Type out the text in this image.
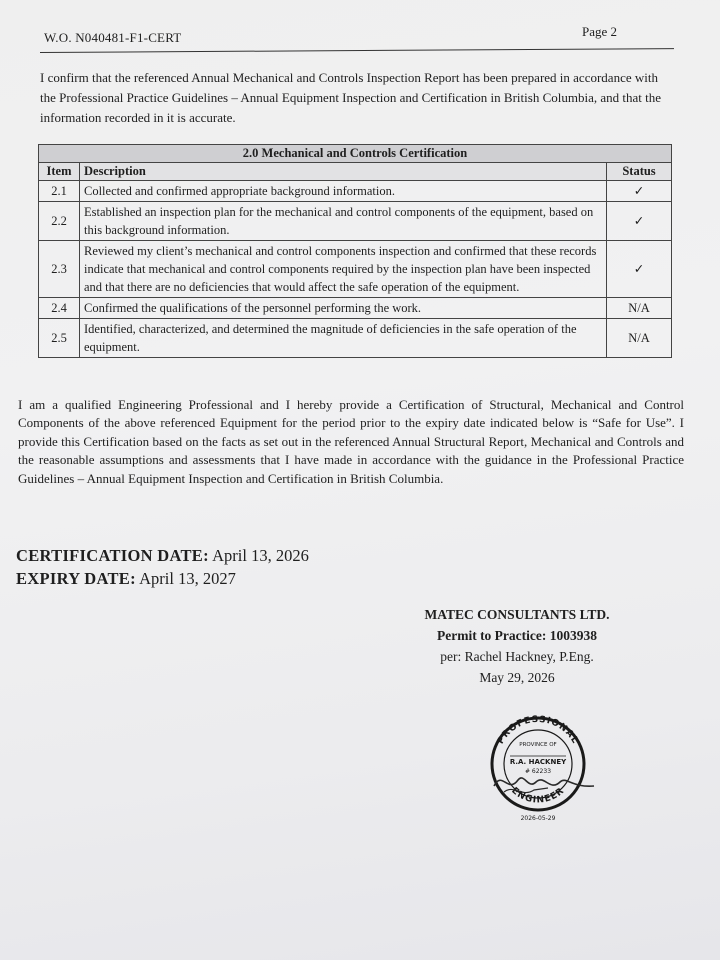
W.O. N040481-F1-CERT	Page 2
I confirm that the referenced Annual Mechanical and Controls Inspection Report has been prepared in accordance with the Professional Practice Guidelines – Annual Equipment Inspection and Certification in British Columbia, and that the information recorded in it is accurate.
2.0 Mechanical and Controls Certification		
Item	Description	Status
2.1	Collected and confirmed appropriate background information.	✓
2.2	Established an inspection plan for the mechanical and control components of the equipment, based on this background information.	✓
2.3	Reviewed my client’s mechanical and control components inspection and confirmed that these records indicate that mechanical and control components required by the inspection plan have been inspected and that there are no deficiencies that would affect the safe operation of the equipment.	✓
2.4	Confirmed the qualifications of the personnel performing the work.	N/A
2.5	Identified, characterized, and determined the magnitude of deficiencies in the safe operation of the equipment.	N/A
I am a qualified Engineering Professional and I hereby provide a Certification of Structural, Mechanical and Control Components of the above referenced Equipment for the period prior to the expiry date indicated below is “Safe for Use”. I provide this Certification based on the facts as set out in the referenced Annual Structural Report, Mechanical and Controls and the reasonable assumptions and assessments that I have made in accordance with the guidance in the Professional Practice Guidelines – Annual Equipment Inspection and Certification in British Columbia.
CERTIFICATION DATE: April 13, 2026
EXPIRY DATE: April 13, 2027
MATEC CONSULTANTS LTD.
Permit to Practice: 1003938
per: Rachel Hackney, P.Eng.
May 29, 2026
PROFESSIONAL
ENGINEER
PROVINCE OF
R.A. HACKNEY
# 62233
2026-05-29
